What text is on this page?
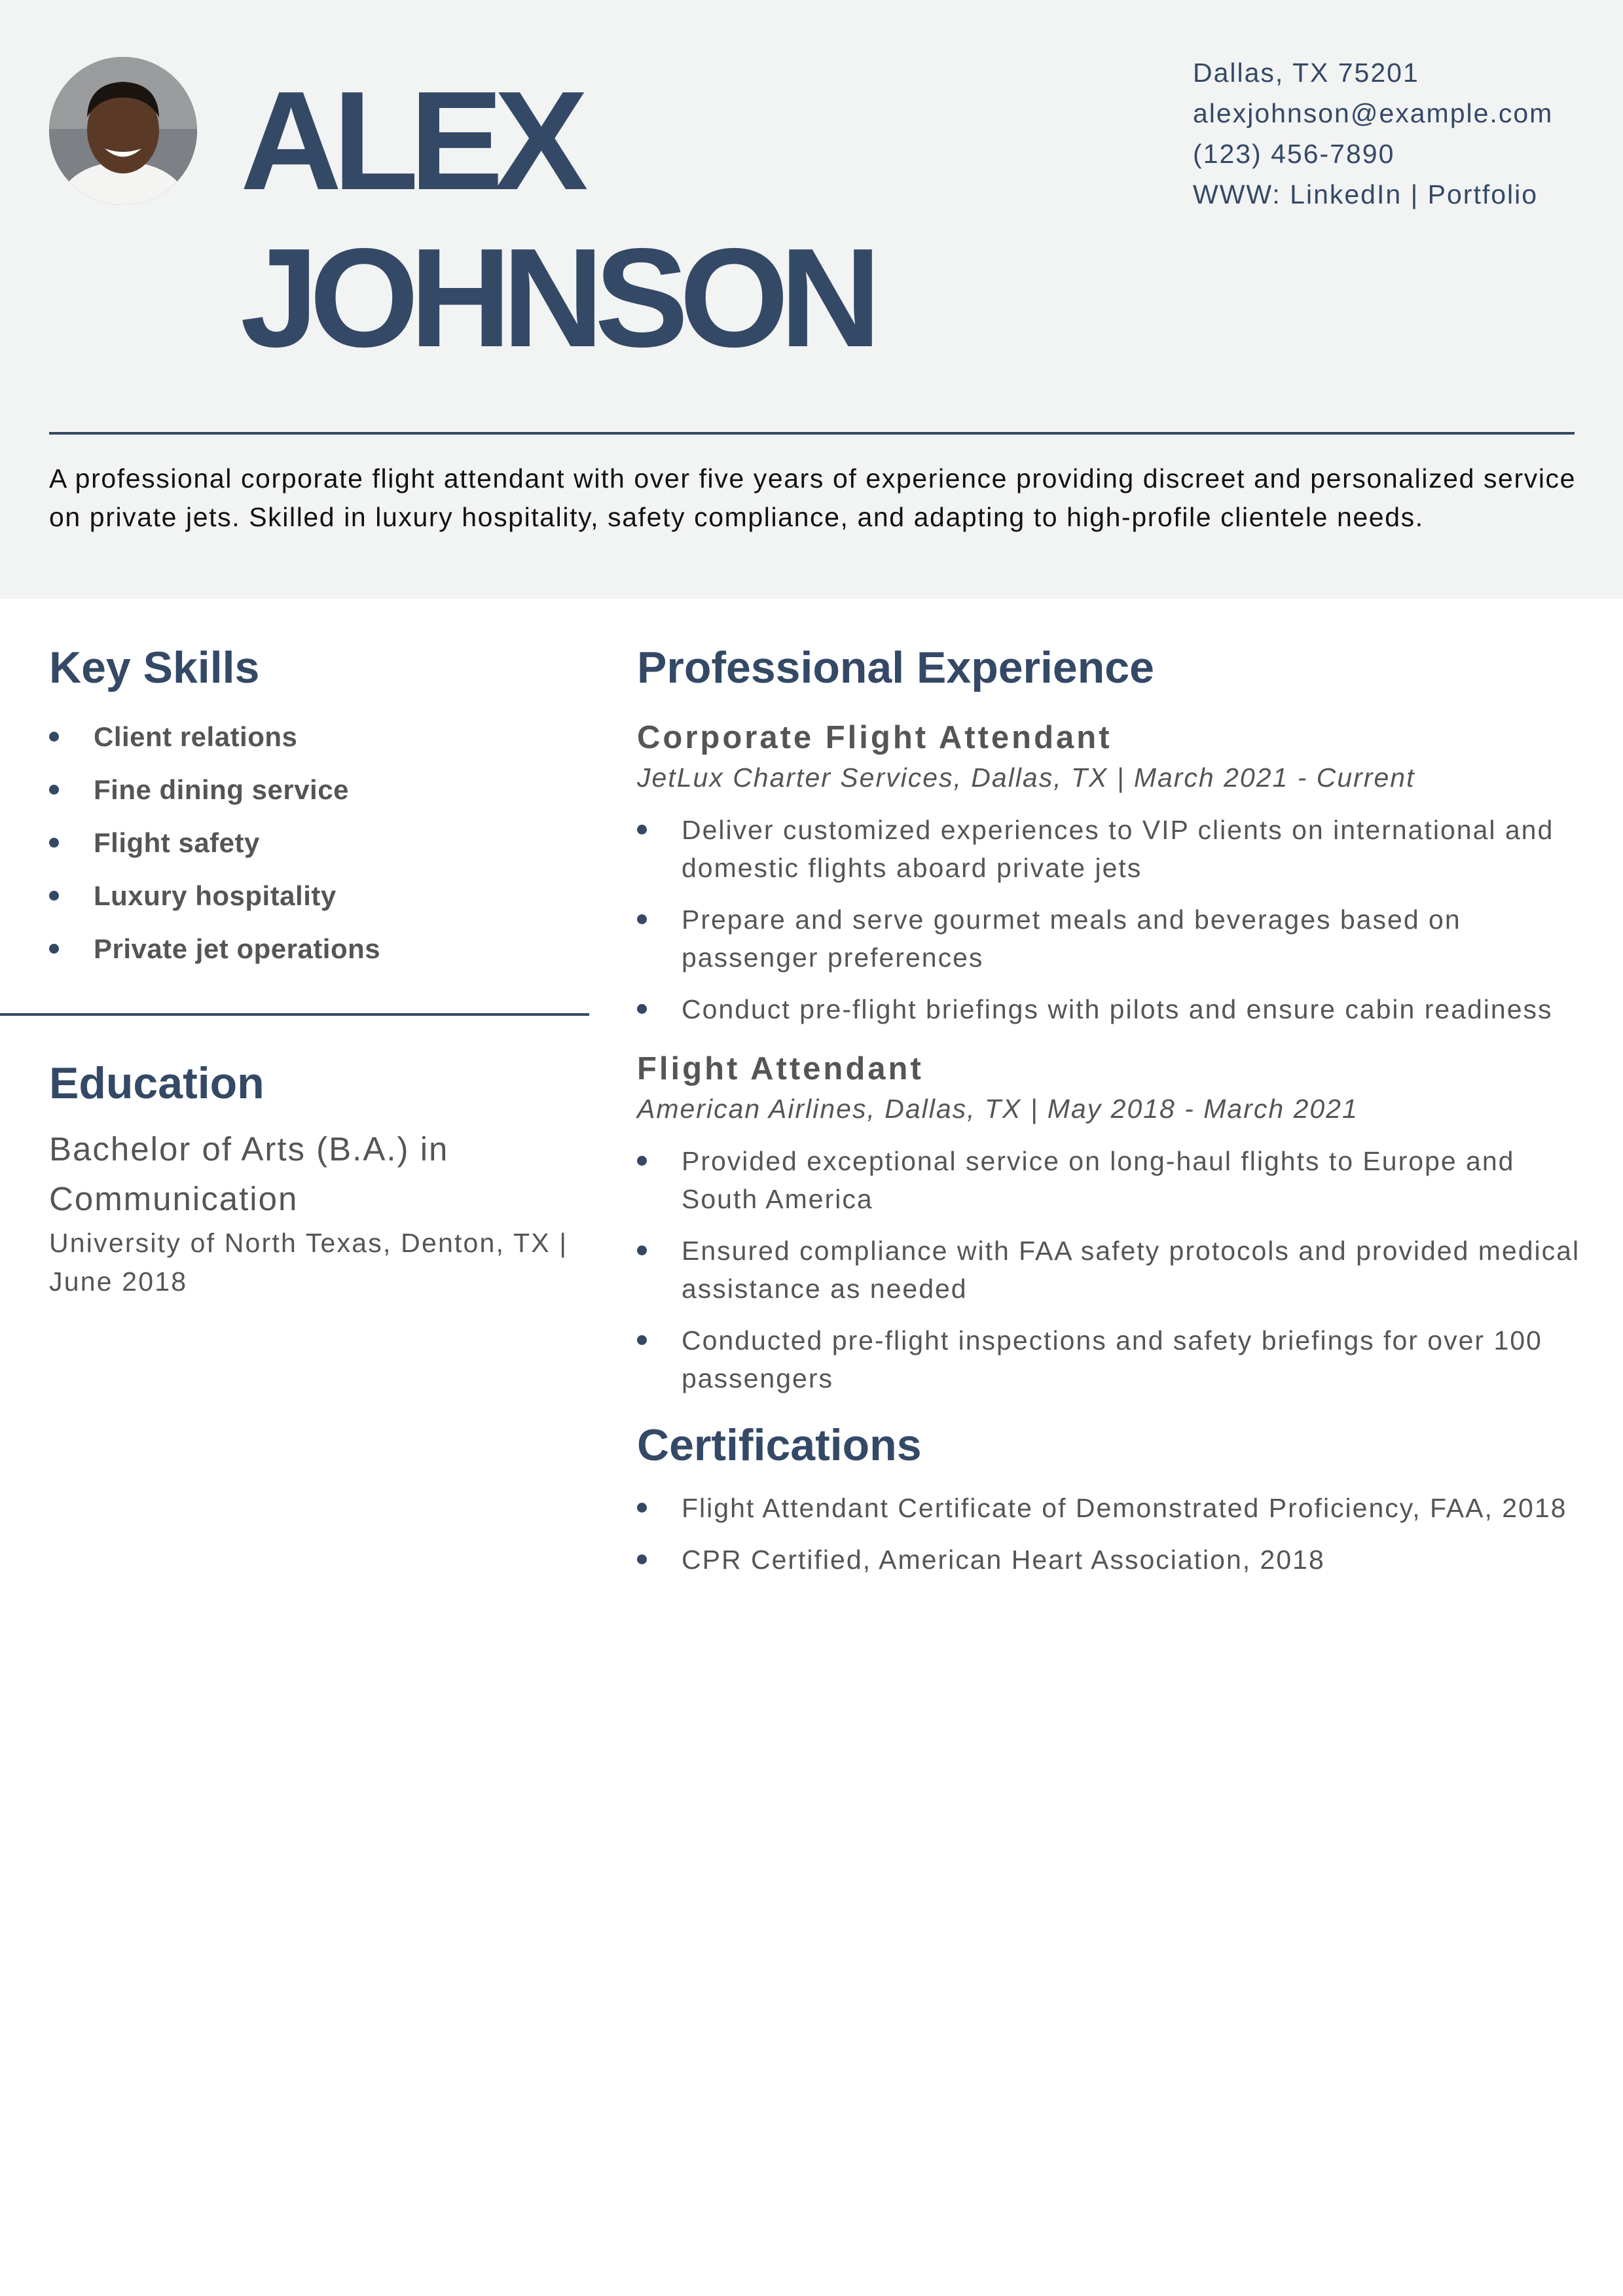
ALEX
JOHNSON
Dallas, TX 75201
alexjohnson@example.com
(123) 456-7890
WWW: LinkedIn | Portfolio

A professional corporate flight attendant with over five years of experience providing discreet and personalized service on private jets. Skilled in luxury hospitality, safety compliance, and adapting to high-profile clientele needs.

Key Skills
Client relations
Fine dining service
Flight safety
Luxury hospitality
Private jet operations
Education

Bachelor of Arts (B.A.) in Communication

University of North Texas, Denton, TX | June 2018

Professional Experience

Corporate Flight Attendant

JetLux Charter Services, Dallas, TX | March 2021 - Current

Deliver customized experiences to VIP clients on international and domestic flights aboard private jets
Prepare and serve gourmet meals and beverages based on passenger preferences
Conduct pre-flight briefings with pilots and ensure cabin readiness

Flight Attendant

American Airlines, Dallas, TX | May 2018 - March 2021

Provided exceptional service on long-haul flights to Europe and South America
Ensured compliance with FAA safety protocols and provided medical assistance as needed
Conducted pre-flight inspections and safety briefings for over 100 passengers
Certifications
Flight Attendant Certificate of Demonstrated Proficiency, FAA, 2018
CPR Certified, American Heart Association, 2018
